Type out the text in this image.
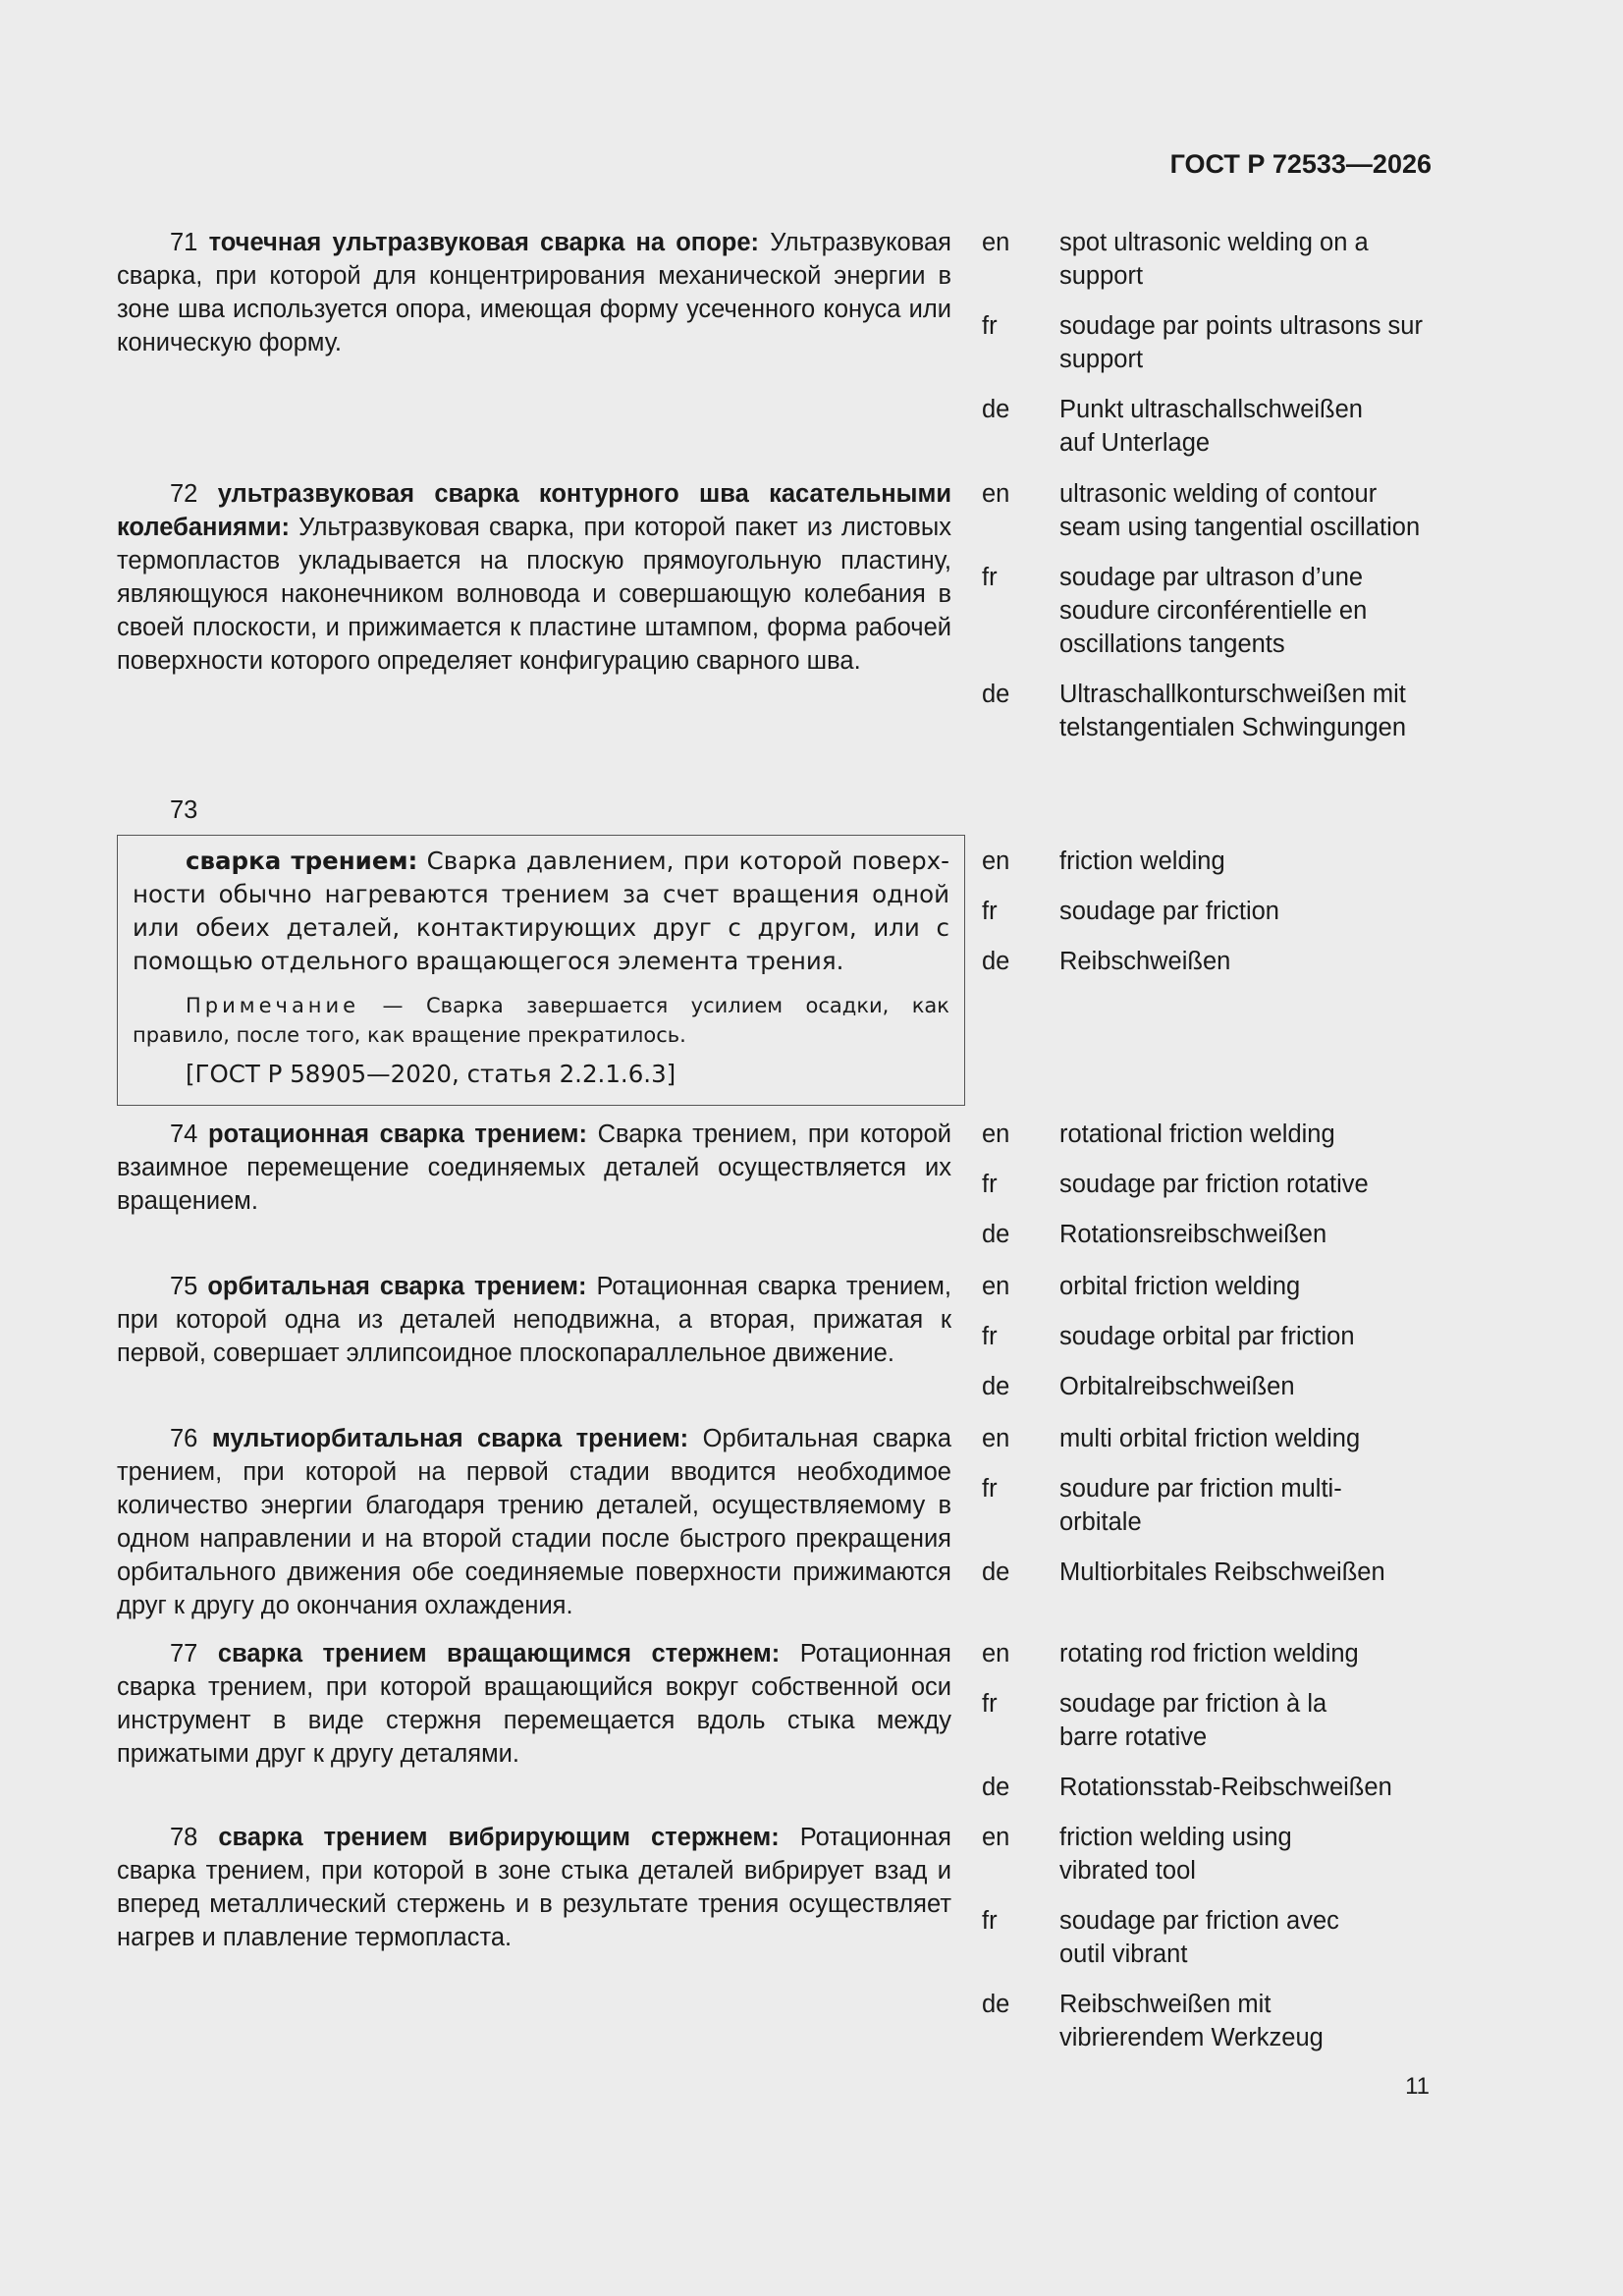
ГОСТ Р 72533—2026

71 точечная ультразвуковая сварка на опоре: Ультразвуковая сварка, при которой для концентрирования механической энергии в зоне шва используется опора, имеющая форму усеченного конуса или коническую форму.

en	spot ultrasonic welding on a support
fr	soudage par points ultrasons sur support
de	Punkt ultraschallschweißen auf Unterlage

72 ультразвуковая сварка контурного шва касательными колебаниями: Ультразвуковая сварка, при которой пакет из листовых термопластов укладывается на плоскую прямоугольную пластину, являющуюся наконечником волновода и совершающую колебания в своей плоскости, и прижимается к пластине штампом, форма рабочей поверхности которого определяет конфигурацию сварного шва.

en	ultrasonic welding of contour seam using tangential oscillation
fr	soudage par ultrason d’une soudure circonférentielle en oscillations tangents
de	Ultraschallkonturschweißen mit telstangentialen Schwingungen
73

сварка трением: Сварка давлением, при которой поверхности обычно нагреваются трением за счет вращения одной или обеих деталей, контактирующих друг с другом, или с помощью отдельного вращающегося элемента трения.

Примечание — Сварка завершается усилием осадки, как правило, после того, как вращение прекратилось.

[ГОСТ Р 58905—2020, статья 2.2.1.6.3]

en	friction welding
fr	soudage par friction
de	Reibschweißen

74 ротационная сварка трением: Сварка трением, при которой взаимное перемещение соединяемых деталей осуществляется их вращением.

en	rotational friction welding
fr	soudage par friction rotative
de	Rotationsreibschweißen

75 орбитальная сварка трением: Ротационная сварка трением, при которой одна из деталей неподвижна, а вторая, прижатая к первой, совершает эллипсоидное плоскопараллельное движение.

en	orbital friction welding
fr	soudage orbital par friction
de	Orbitalreibschweißen

76 мультиорбитальная сварка трением: Орбитальная сварка трением, при которой на первой стадии вводится необходимое количество энергии благодаря трению деталей, осуществляемому в одном направлении и на второй стадии после быстрого прекращения орбитального движения обе соединяемые поверхности прижимаются друг к другу до окончания охлаждения.

en	multi orbital friction welding
fr	soudure par friction multiorbitale
de	Multiorbitales Reibschweißen

77 сварка трением вращающимся стержнем: Ротационная сварка трением, при которой вращающийся вокруг собственной оси инструмент в виде стержня перемещается вдоль стыка между прижатыми друг к другу деталями.

en	rotating rod friction welding
fr	soudage par friction à la barre rotative
de	Rotationsstab-Reibschweißen

78 сварка трением вибрирующим стержнем: Ротационная сварка трением, при которой в зоне стыка деталей вибрирует взад и вперед металлический стержень и в результате трения осуществляет нагрев и плавление термопласта.

en	friction welding using vibrated tool
fr	soudage par friction avec outil vibrant
de	Reibschweißen mit vibrierendem Werkzeug
11
